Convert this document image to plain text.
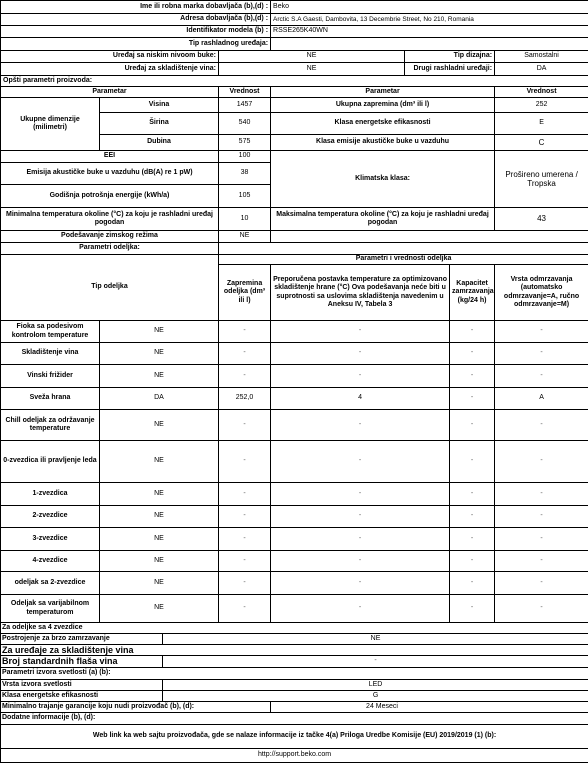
Ime ili robna marka dobavljača (b),(d) :				Beko			
Adresa dobavljača (b),(d) :				Arctic S.A Gaesti, Dambovita, 13 Decembrie Street, No 210, Romania			
Identifikator modela (b) :				RSSE265K40WN			
Tip rashladnog uređaja:							
Uređaj sa niskim nivoom buke:			NE		Tip dizajna:		Samostalni
Uređaj za skladištenje vina:			NE		Drugi rashladni uređaji:		DA
Opšti parametri proizvoda:							
Parametar			Vrednost	Parametar			Vrednost
Ukupne dimenzije (milimetri)	Visina		1457	Ukupna zapremina (dm³ ili l)			252
	Širina		540	Klasa energetske efikasnosti			E
	Dubina		575	Klasa emisije akustičke buke u vazduhu			C
EEI			100	Klimatska klasa:			Prošireno umerena / Tropska
Emisija akustičke buke u vazduhu (dB(A) re 1 pW)			38				
Godišnja potrošnja energije (kWh/a)			105				
Minimalna temperatura okoline (°C) za koju je rashladni uređaj pogodan			10	Maksimalna temperatura okoline (°C) za koju je rashladni uređaj pogodan			43
Podešavanje zimskog režima			NE				
Parametri odeljka:							
Tip odeljka			Parametri i vrednosti odeljka				
			Zapremina odeljka (dm³ ili l)	Preporučena postavka temperature za optimizovano skladištenje hrane (°C) Ova podešavanja neće biti u suprotnosti sa uslovima skladištenja navedenim u Aneksu IV, Tabela 3		Kapacitet zamrzavanja (kg/24 h)	Vrsta odmrzavanja (automatsko odmrzavanje=A, ručno odmrzavanje=M)
Fioka sa podesivom kontrolom temperature	NE		-	-		-	-
Skladištenje vina	NE		-	-		-	-
Vinski frižider	NE		-	-		-	-
Sveža hrana	DA		252,0	4		-	A
Chill odeljak za održavanje temperature	NE		-	-		-	-
0-zvezdica ili pravljenje leda	NE		-	-		-	-
1-zvezdica	NE		-	-		-	-
2-zvezdice	NE		-	-		-	-
3-zvezdice	NE		-	-		-	-
4-zvezdice	NE		-	-		-	-
odeljak sa 2-zvezdice	NE		-	-		-	-
Odeljak sa varijabilnom temperaturom	NE		-	-		-	-
Za odeljke sa 4 zvezdice							
Postrojenje za brzo zamrzavanje		NE					
Za uređaje za skladištenje vina							
Broj standardnih flaša vina		-					
Parametri izvora svetlosti (a) (b):							
Vrsta izvora svetlosti		LED					
Klasa energetske efikasnosti		G					
Minimalno trajanje garancije koju nudi proizvođač (b), (d):				24 Meseci			
Dodatne informacije (b), (d):							
Web link ka web sajtu proizvođača, gde se nalaze informacije iz tačke 4(a) Priloga Uredbe Komisije (EU) 2019/2019 (1) (b):							
http://support.beko.com							
